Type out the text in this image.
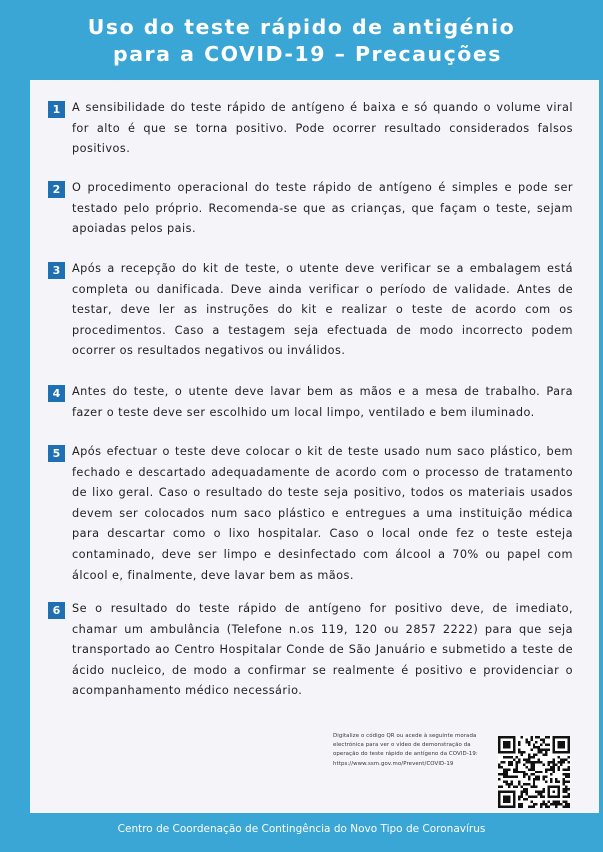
Uso do teste rápido de antigénio
para a COVID-19 – Precauções
1	A sensibilidade do teste rápido de antígeno é baixa e só quando o volume viral for alto é que se torna positivo. Pode ocorrer resultado considerados falsos positivos.

2	O procedimento operacional do teste rápido de antígeno é simples e pode ser testado pelo próprio. Recomenda-se que as crianças, que façam o teste, sejam apoiadas pelos pais.

3	Após a recepção do kit de teste, o utente deve verificar se a embalagem está completa ou danificada. Deve ainda verificar o período de validade. Antes de testar, deve ler as instruções do kit e realizar o teste de acordo com os procedimentos. Caso a testagem seja efectuada de modo incorrecto podem ocorrer os resultados negativos ou inválidos.

4	Antes do teste, o utente deve lavar bem as mãos e a mesa de trabalho. Para fazer o teste deve ser escolhido um local limpo, ventilado e bem iluminado.

5	Após efectuar o teste deve colocar o kit de teste usado num saco plástico, bem fechado e descartado adequadamente de acordo com o processo de tratamento de lixo geral. Caso o resultado do teste seja positivo, todos os materiais usados devem ser colocados num saco plástico e entregues a uma instituição médica para descartar como o lixo hospitalar. Caso o local onde fez o teste esteja contaminado, deve ser limpo e desinfectado com álcool a 70% ou papel com álcool e, finalmente, deve lavar bem as mãos.

6	Se o resultado do teste rápido de antígeno for positivo deve, de imediato, chamar um ambulância (Telefone n.os 119, 120 ou 2857 2222) para que seja transportado ao Centro Hospitalar Conde de São Januário e submetido a teste de ácido nucleico, de modo a confirmar se realmente é positivo e providenciar o acompanhamento médico necessário.

Digitalize o código QR ou acede à seguinte morada electrónica para ver o vídeo de demonstração da operação do teste rápido de antígeno da COVID-19:
https://www.ssm.gov.mo/Prevent/COVID-19
Centro de Coordenação de Contingência do Novo Tipo de Coronavírus
